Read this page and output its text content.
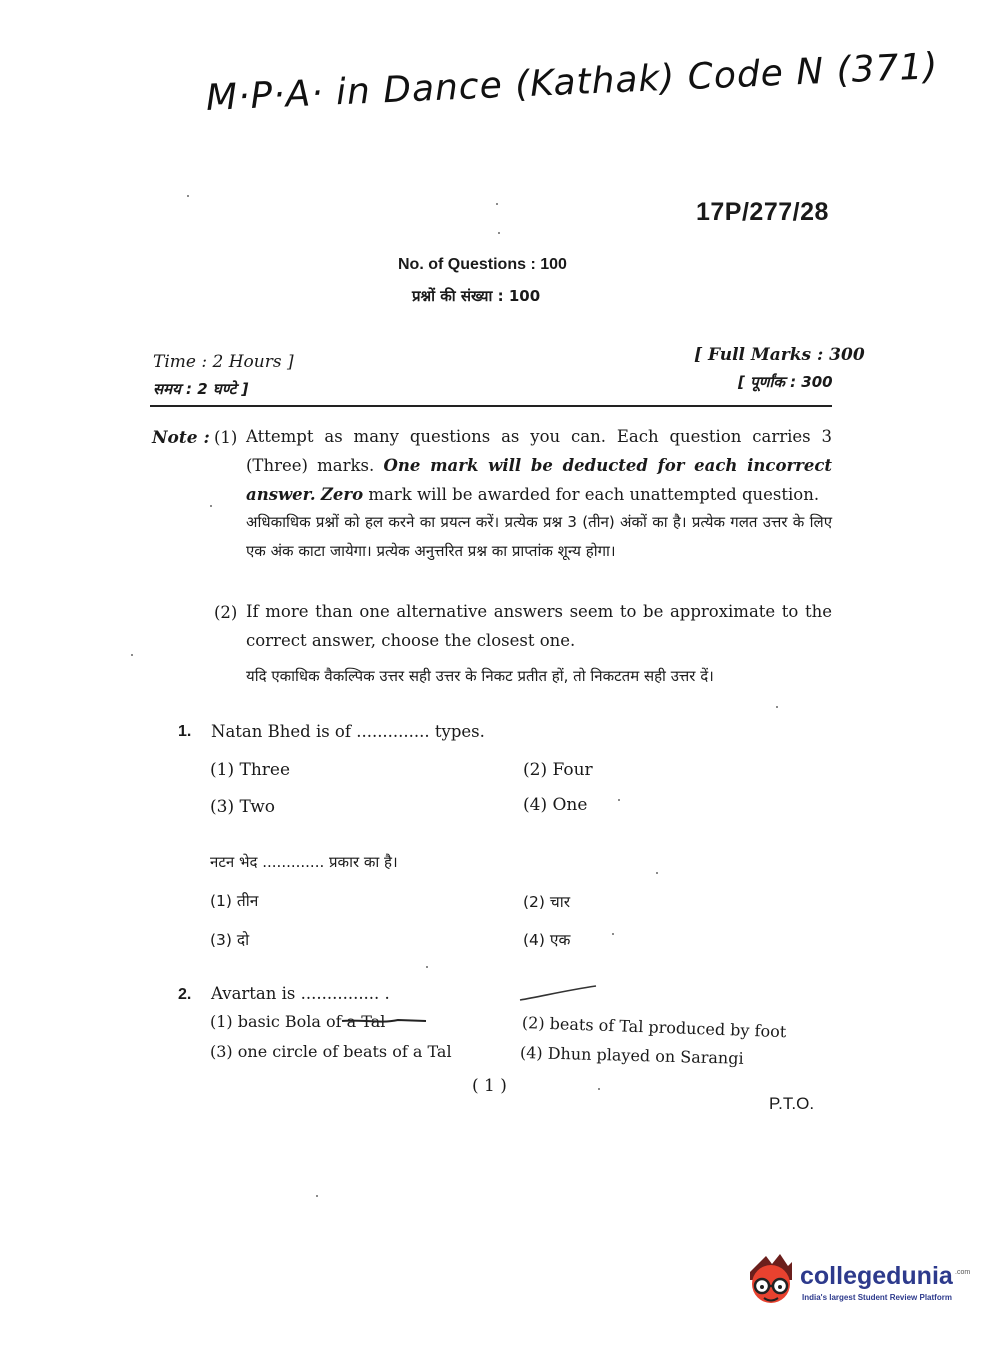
M·P·A· in Dance (Kathak) Code N (371)
17P/277/28
No. of Questions : 100
प्रश्नों की संख्या : 100
Time : 2 Hours ]
समय : 2 घण्टे ]
[ Full Marks : 300
[ पूर्णांक : 300
Note : (1) Attempt as many questions as you can. Each question carries 3 (Three) marks. One mark will be deducted for each incorrect answer. Zero mark will be awarded for each unattempted question.
अधिकाधिक प्रश्नों को हल करने का प्रयत्न करें। प्रत्येक प्रश्न 3 (तीन) अंकों का है। प्रत्येक गलत उत्तर के लिए एक अंक काटा जायेगा। प्रत्येक अनुत्तरित प्रश्न का प्राप्तांक शून्य होगा।
(2) If more than one alternative answers seem to be approximate to the correct answer, choose the closest one.
यदि एकाधिक वैकल्पिक उत्तर सही उत्तर के निकट प्रतीत हों, तो निकटतम सही उत्तर दें।
1. Natan Bhed is of .............. types.
(1) Three	(2) Four
(3) Two	(4) One
नटन भेद ............. प्रकार का है।
(1) तीन	(2) चार
(3) दो	(4) एक
2. Avartan is ............... .
(1) basic Bola of a Tal	(2) beats of Tal produced by foot
(3) one circle of beats of a Tal	(4) Dhun played on Sarangi
( 1 )
P.T.O.
collegedunia .com
India's largest Student Review Platform
